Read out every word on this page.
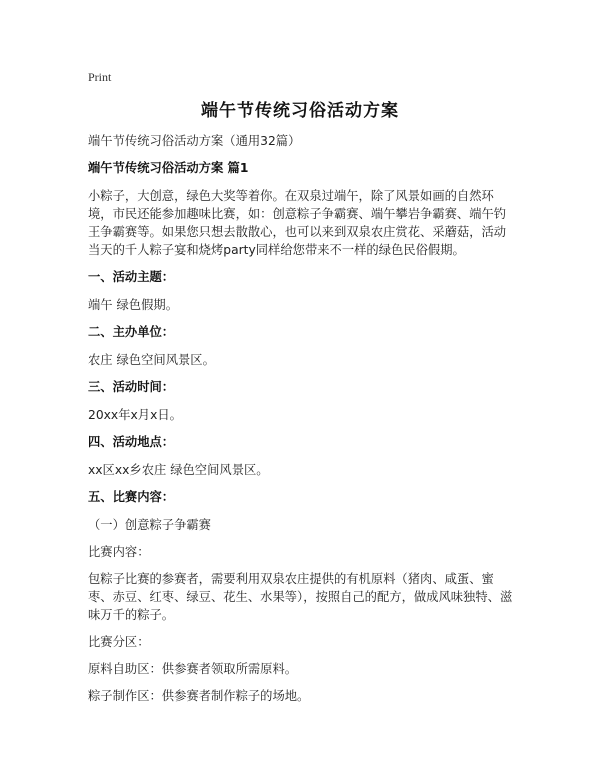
Print
端午节传统习俗活动方案

端午节传统习俗活动方案（通用32篇）

端午节传统习俗活动方案 篇1

小粽子，大创意，绿色大奖等着你。在双泉过端午，除了风景如画的自然环境，市民还能参加趣味比赛，如：创意粽子争霸赛、端午攀岩争霸赛、端午钓王争霸赛等。如果您只想去散散心，也可以来到双泉农庄赏花、采蘑菇，活动当天的千人粽子宴和烧烤party同样给您带来不一样的绿色民俗假期。

一、活动主题：

端午 绿色假期。

二、主办单位：

农庄 绿色空间风景区。

三、活动时间：

20xx年x月x日。

四、活动地点：

xx区xx乡农庄 绿色空间风景区。

五、比赛内容：

（一）创意粽子争霸赛

比赛内容：

包粽子比赛的参赛者，需要利用双泉农庄提供的有机原料（猪肉、咸蛋、蜜枣、赤豆、红枣、绿豆、花生、水果等），按照自己的配方，做成风味独特、滋味万千的粽子。

比赛分区：

原料自助区：供参赛者领取所需原料。

粽子制作区：供参赛者制作粽子的场地。
